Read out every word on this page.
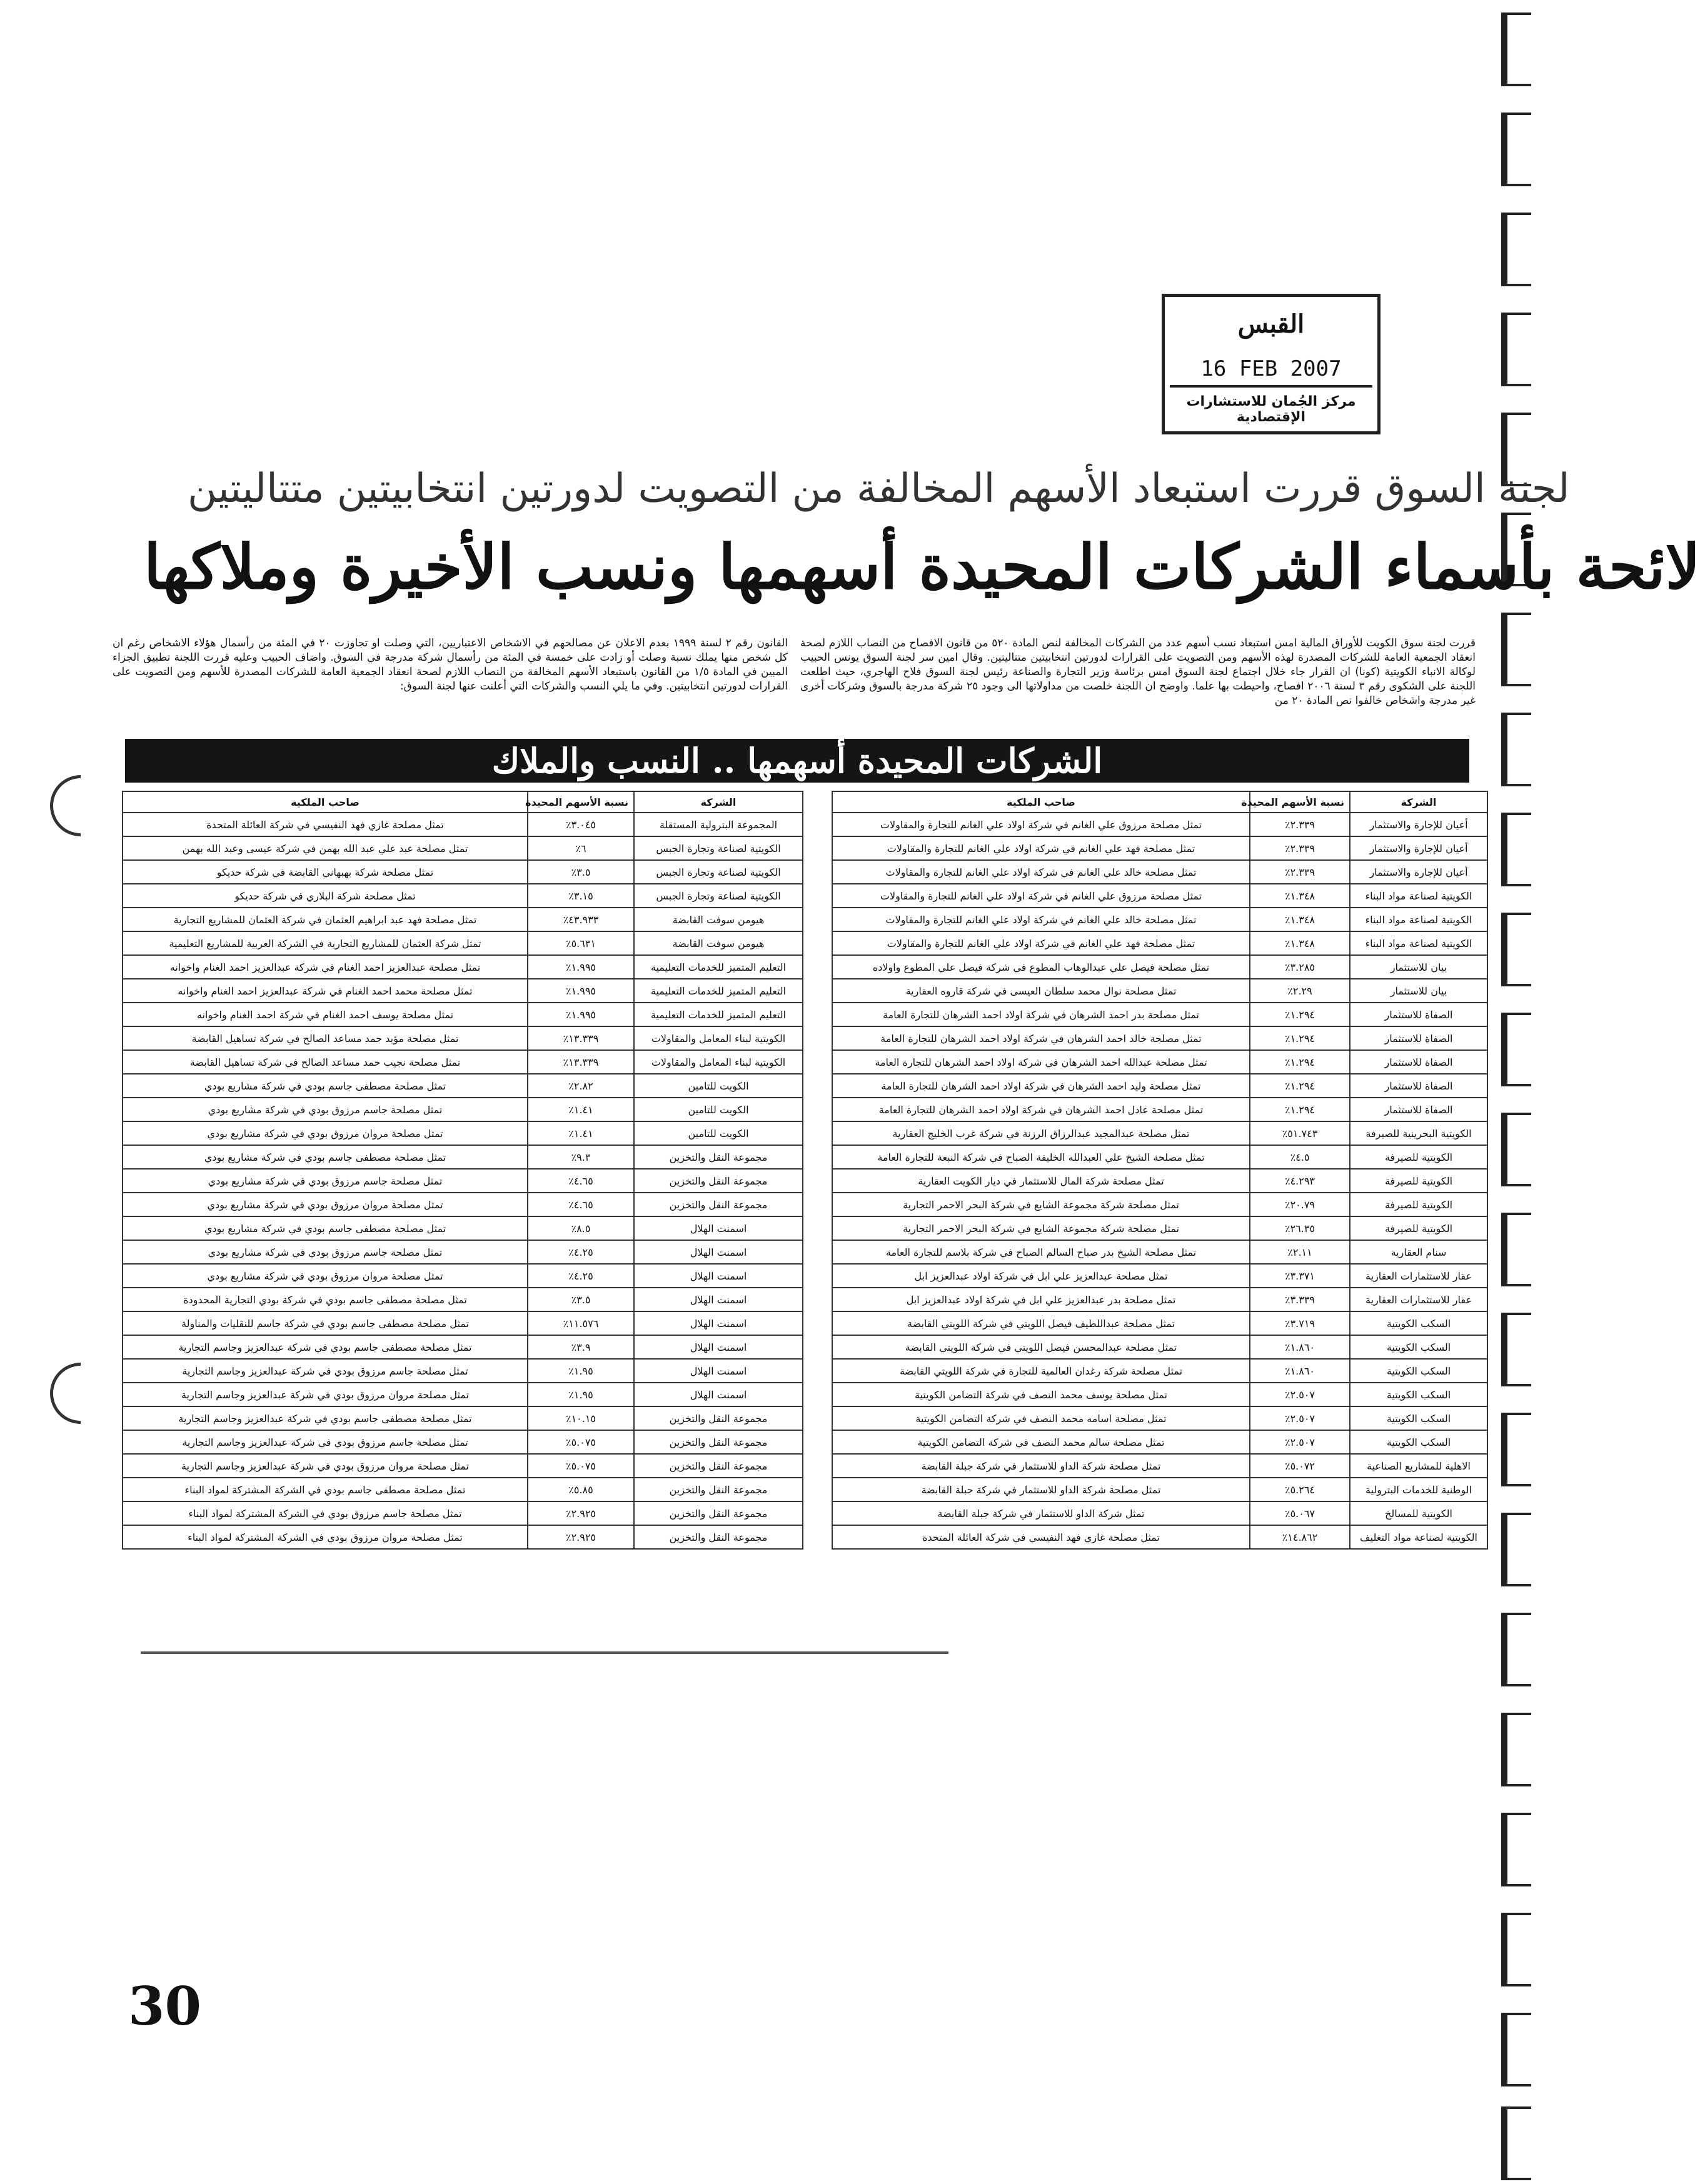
القبس
16 FEB 2007
مركز الجُمان للاستشارات الإقتصادية
لجنة السوق قررت استبعاد الأسهم المخالفة من التصويت لدورتين انتخابيتين متتاليتين
لائحة بأسماء الشركات المحيدة أسهمها ونسب الأخيرة وملاكها
قررت لجنة سوق الكويت للأوراق المالية امس استبعاد نسب أسهم عدد من الشركات المخالفة لنص المادة ٥٢٠ من قانون الافصاح من النصاب اللازم لصحة انعقاد الجمعية العامة للشركات المصدرة لهذه الأسهم ومن التصويت على القرارات لدورتين انتخابيتين متتاليتين. وقال امين سر لجنة السوق يونس الحبيب لوكالة الانباء الكويتية (كونا) ان القرار جاء خلال اجتماع لجنة السوق امس برئاسة وزير التجارة والصناعة رئيس لجنة السوق فلاح الهاجري، حيث اطلعت اللجنة على الشكوى رقم ٣ لسنة ٢٠٠٦ افصاح، واحيطت بها علما. واوضح ان اللجنة خلصت من مداولاتها الى وجود ٢٥ شركة مدرجة بالسوق وشركات أخرى غير مدرجة واشخاص خالفوا نص المادة ٢٠ من
القانون رقم ٢ لسنة ١٩٩٩ بعدم الاعلان عن مصالحهم في الاشخاص الاعتباريين، التي وصلت او تجاوزت ٢٠ في المئة من رأسمال هؤلاء الاشخاص رغم ان كل شخص منها يملك نسبة وصلت أو زادت على خمسة في المئة من رأسمال شركة مدرجة في السوق. واضاف الحبيب وعليه قررت اللجنة تطبيق الجزاء المبين في المادة ١/٥ من القانون باستبعاد الأسهم المخالفة من النصاب اللازم لصحة انعقاد الجمعية العامة للشركات المصدرة للأسهم ومن التصويت على القرارات لدورتين انتخابيتين. وفي ما يلي النسب والشركات التي أعلنت عنها لجنة السوق:
الشركات المحيدة أسهمها .. النسب والملاك
الشركة	نسبة الأسهم المحيدة	صاحب الملكية
أعيان للإجارة والاستثمار	٢.٣٣٩٪	تمثل مصلحة مرزوق علي الغانم في شركة اولاد علي الغانم للتجارة والمقاولات
أعيان للإجارة والاستثمار	٢.٣٣٩٪	تمثل مصلحة فهد علي الغانم في شركة اولاد علي الغانم للتجارة والمقاولات
أعيان للإجارة والاستثمار	٢.٣٣٩٪	تمثل مصلحة خالد علي الغانم في شركة اولاد علي الغانم للتجارة والمقاولات
الكويتية لصناعة مواد البناء	١.٣٤٨٪	تمثل مصلحة مرزوق علي الغانم في شركة اولاد علي الغانم للتجارة والمقاولات
الكويتية لصناعة مواد البناء	١.٣٤٨٪	تمثل مصلحة خالد علي الغانم في شركة اولاد علي الغانم للتجارة والمقاولات
الكويتية لصناعة مواد البناء	١.٣٤٨٪	تمثل مصلحة فهد علي الغانم في شركة اولاد علي الغانم للتجارة والمقاولات
بيان للاستثمار	٣.٢٨٥٪	تمثل مصلحة فيصل علي عبدالوهاب المطوع في شركة فيصل علي المطوع واولاده
بيان للاستثمار	٢.٢٩٪	تمثل مصلحة نوال محمد سلطان العيسى في شركة قاروه العقارية
الصفاة للاستثمار	١.٢٩٤٪	تمثل مصلحة بدر احمد الشرهان في شركة اولاد احمد الشرهان للتجارة العامة
الصفاة للاستثمار	١.٢٩٤٪	تمثل مصلحة خالد احمد الشرهان في شركة اولاد احمد الشرهان للتجارة العامة
الصفاة للاستثمار	١.٢٩٤٪	تمثل مصلحة عبدالله احمد الشرهان في شركة اولاد احمد الشرهان للتجارة العامة
الصفاة للاستثمار	١.٢٩٤٪	تمثل مصلحة وليد احمد الشرهان في شركة اولاد احمد الشرهان للتجارة العامة
الصفاة للاستثمار	١.٢٩٤٪	تمثل مصلحة عادل احمد الشرهان في شركة اولاد احمد الشرهان للتجارة العامة
الكويتية البحرينية للصيرفة	٥١.٧٤٣٪	تمثل مصلحة عبدالمجيد عبدالرزاق الرزنة في شركة غرب الخليج العقارية
الكويتية للصيرفة	٤.٥٪	تمثل مصلحة الشيخ علي العبدالله الخليفة الصباح في شركة النبعة للتجارة العامة
الكويتية للصيرفة	٤.٢٩٣٪	تمثل مصلحة شركة المال للاستثمار في ديار الكويت العقارية
الكويتية للصيرفة	٢٠.٧٩٪	تمثل مصلحة شركة مجموعة الشايع في شركة البحر الاحمر التجارية
الكويتية للصيرفة	٢٦.٣٥٪	تمثل مصلحة شركة مجموعة الشايع في شركة البحر الاحمر التجارية
سنام العقارية	٢.١١٪	تمثل مصلحة الشيخ بدر صباح السالم الصباح في شركة بلاسم للتجارة العامة
عقار للاستثمارات العقارية	٣.٣٧١٪	تمثل مصلحة عبدالعزيز علي ابل في شركة اولاد عبدالعزيز ابل
عقار للاستثمارات العقارية	٣.٣٣٩٪	تمثل مصلحة بدر عبدالعزيز علي ابل في شركة اولاد عبدالعزيز ابل
السكب الكويتية	٣.٧١٩٪	تمثل مصلحة عبداللطيف فيصل اللويتي في شركة اللويتي القابضة
السكب الكويتية	١.٨٦٠٪	تمثل مصلحة عبدالمحسن فيصل اللويتي في شركة اللويتي القابضة
السكب الكويتية	١.٨٦٠٪	تمثل مصلحة شركة رغدان العالمية للتجارة في شركة اللويتي القابضة
السكب الكويتية	٢.٥٠٧٪	تمثل مصلحة يوسف محمد النصف في شركة التضامن الكويتية
السكب الكويتية	٢.٥٠٧٪	تمثل مصلحة اسامه محمد النصف في شركة التضامن الكويتية
السكب الكويتية	٢.٥٠٧٪	تمثل مصلحة سالم محمد النصف في شركة التضامن الكويتية
الاهلية للمشاريع الصناعية	٥.٠٧٢٪	تمثل مصلحة شركة الداو للاستثمار في شركة جبلة القابضة
الوطنية للخدمات البترولية	٥.٢٦٤٪	تمثل مصلحة شركة الداو للاستثمار في شركة جبلة القابضة
الكويتية للمسالخ	٥.٠٦٧٪	تمثل شركة الداو للاستثمار في شركة جبلة القابضة
الكويتية لصناعة مواد التغليف	١٤.٨٦٢٪	تمثل مصلحة غازي فهد النفيسي في شركة العائلة المتحدة
الشركة	نسبة الأسهم المحيدة	صاحب الملكية
المجموعة البترولية المستقلة	٣.٠٤٥٪	تمثل مصلحة غازي فهد النفيسي في شركة العائلة المتحدة
الكويتية لصناعة وتجارة الجبس	٦٪	تمثل مصلحة عبد علي عبد الله بهمن في شركة عيسى وعبد الله بهمن
الكويتية لصناعة وتجارة الجبس	٣.٥٪	تمثل مصلحة شركة بهبهاني القابضة في شركة حديكو
الكويتية لصناعة وتجارة الجبس	٣.١٥٪	تمثل مصلحة شركة البلاري في شركة حديكو
هيومن سوفت القابضة	٤٣.٩٣٣٪	تمثل مصلحة فهد عبد ابراهيم العثمان في شركة العثمان للمشاريع التجارية
هيومن سوفت القابضة	٥.٦٣١٪	تمثل شركة العثمان للمشاريع التجارية في الشركة العربية للمشاريع التعليمية
التعليم المتميز للخدمات التعليمية	١.٩٩٥٪	تمثل مصلحة عبدالعزيز احمد الغنام في شركة عبدالعزيز احمد الغنام واخوانه
التعليم المتميز للخدمات التعليمية	١.٩٩٥٪	تمثل مصلحة محمد احمد الغنام في شركة عبدالعزيز احمد الغنام واخوانه
التعليم المتميز للخدمات التعليمية	١.٩٩٥٪	تمثل مصلحة يوسف احمد الغنام في شركة احمد الغنام واخوانه
الكويتية لبناء المعامل والمقاولات	١٣.٣٣٩٪	تمثل مصلحة مؤيد حمد مساعد الصالح في شركة تساهيل القابضة
الكويتية لبناء المعامل والمقاولات	١٣.٣٣٩٪	تمثل مصلحة نجيب حمد مساعد الصالح في شركة تساهيل القابضة
الكويت للتامين	٢.٨٢٪	تمثل مصلحة مصطفى جاسم بودي في شركة مشاريع بودي
الكويت للتامين	١.٤١٪	تمثل مصلحة جاسم مرزوق بودي في شركة مشاريع بودي
الكويت للتامين	١.٤١٪	تمثل مصلحة مروان مرزوق بودي في شركة مشاريع بودي
مجموعة النقل والتخزين	٩.٣٪	تمثل مصلحة مصطفى جاسم بودي في شركة مشاريع بودي
مجموعة النقل والتخزين	٤.٦٥٪	تمثل مصلحة جاسم مرزوق بودي في شركة مشاريع بودي
مجموعة النقل والتخزين	٤.٦٥٪	تمثل مصلحة مروان مرزوق بودي في شركة مشاريع بودي
اسمنت الهلال	٨.٥٪	تمثل مصلحة مصطفى جاسم بودي في شركة مشاريع بودي
اسمنت الهلال	٤.٢٥٪	تمثل مصلحة جاسم مرزوق بودي في شركة مشاريع بودي
اسمنت الهلال	٤.٢٥٪	تمثل مصلحة مروان مرزوق بودي في شركة مشاريع بودي
اسمنت الهلال	٣.٥٪	تمثل مصلحة مصطفى جاسم بودي في شركة بودي التجارية المحدودة
اسمنت الهلال	١١.٥٧٦٪	تمثل مصلحة مصطفى جاسم بودي في شركة جاسم للنقليات والمناولة
اسمنت الهلال	٣.٩٪	تمثل مصلحة مصطفى جاسم بودي في شركة عبدالعزيز وجاسم التجارية
اسمنت الهلال	١.٩٥٪	تمثل مصلحة جاسم مرزوق بودي في شركة عبدالعزيز وجاسم التجارية
اسمنت الهلال	١.٩٥٪	تمثل مصلحة مروان مرزوق بودي في شركة عبدالعزيز وجاسم التجارية
مجموعة النقل والتخزين	١٠.١٥٪	تمثل مصلحة مصطفى جاسم بودي في شركة عبدالعزيز وجاسم التجارية
مجموعة النقل والتخزين	٥.٠٧٥٪	تمثل مصلحة جاسم مرزوق بودي في شركة عبدالعزيز وجاسم التجارية
مجموعة النقل والتخزين	٥.٠٧٥٪	تمثل مصلحة مروان مرزوق بودي في شركة عبدالعزيز وجاسم التجارية
مجموعة النقل والتخزين	٥.٨٥٪	تمثل مصلحة مصطفى جاسم بودي في الشركة المشتركة لمواد البناء
مجموعة النقل والتخزين	٢.٩٢٥٪	تمثل مصلحة جاسم مرزوق بودي في الشركة المشتركة لمواد البناء
مجموعة النقل والتخزين	٢.٩٢٥٪	تمثل مصلحة مروان مرزوق بودي في الشركة المشتركة لمواد البناء
30
